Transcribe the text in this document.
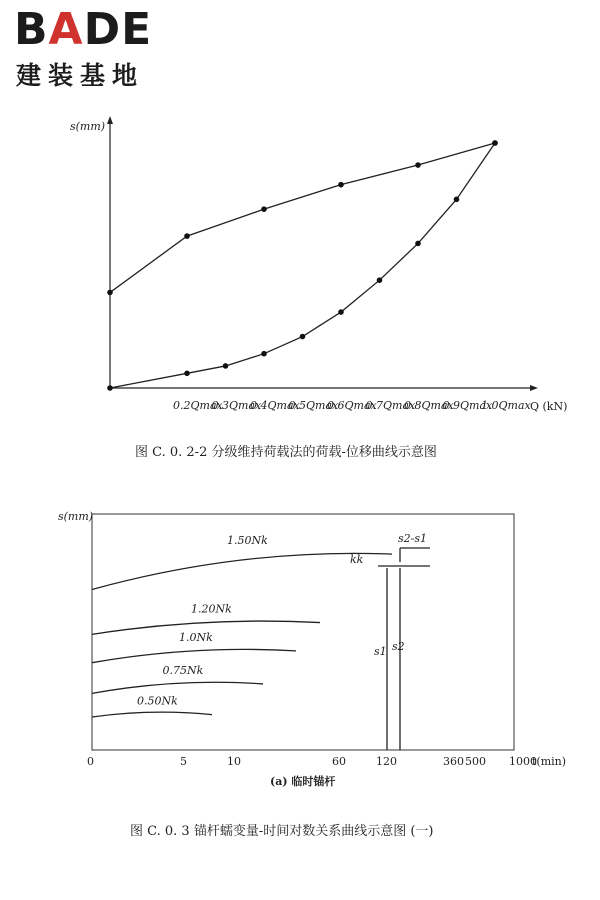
BADE
建装基地
s(mm)
Q (kN)
0.2Qmax
0.3Qmax
0.4Qmax
0.5Qmax
0.6Qmax
0.7Qmax
0.8Qmax
0.9Qmax
1.0Qmax
图 C. 0. 2-2 分级维持荷载法的荷载-位移曲线示意图
s(mm)
t(min)
0	5	10	60	120	360 500 1000
1.50Nk
1.20Nk
1.0Nk
0.75Nk
0.50Nk
kk
s2-s1
s1 s2
(a) 临时锚杆
图 C. 0. 3 锚杆蠕变量-时间对数关系曲线示意图 (一)
